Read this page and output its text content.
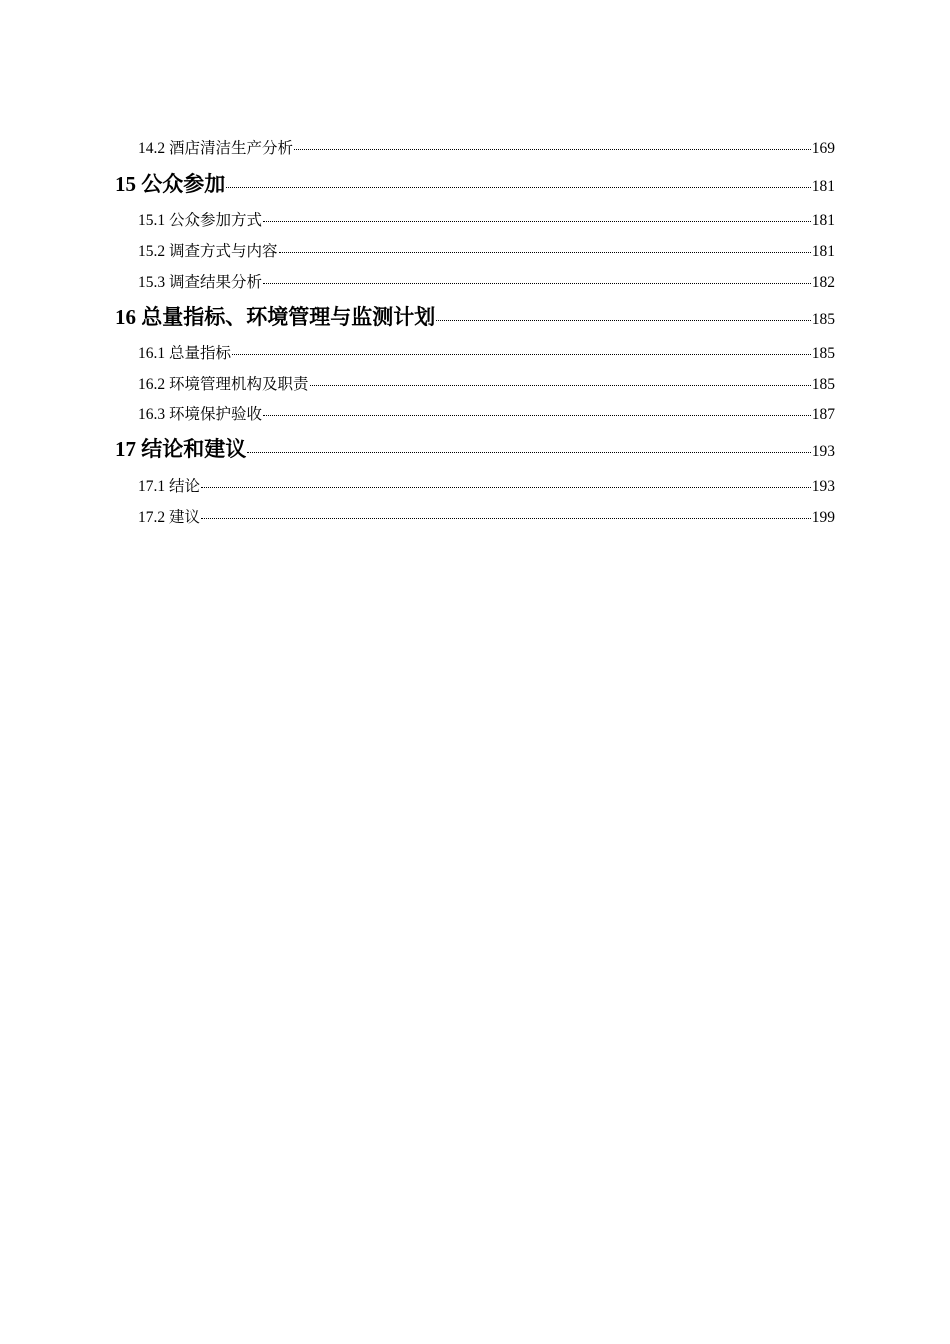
14.2 酒店清洁生产分析	169
15 公众参加	181
15.1 公众参加方式	181
15.2 调查方式与内容	181
15.3 调查结果分析	182
16 总量指标、环境管理与监测计划	185
16.1 总量指标	185
16.2 环境管理机构及职责	185
16.3 环境保护验收	187
17 结论和建议	193
17.1 结论	193
17.2 建议	199
